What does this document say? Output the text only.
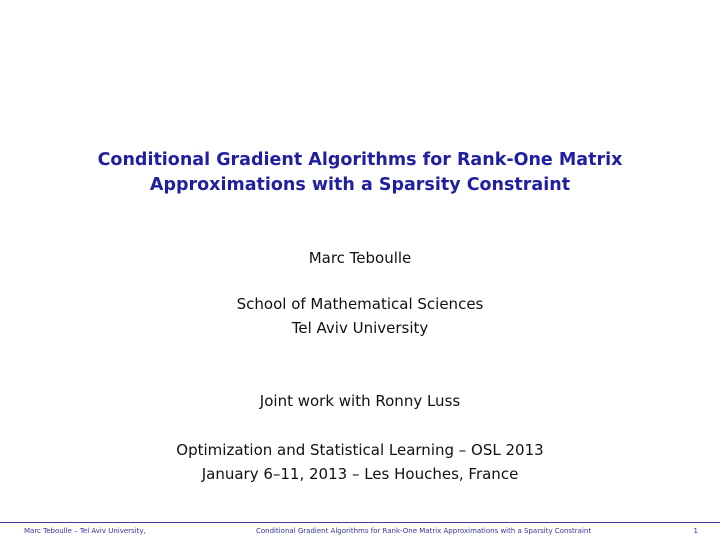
Conditional Gradient Algorithms for Rank-One Matrix
Approximations with a Sparsity Constraint
Marc Teboulle
School of Mathematical Sciences
Tel Aviv University
Joint work with Ronny Luss
Optimization and Statistical Learning – OSL 2013
January 6–11, 2013 – Les Houches, France
Marc Teboulle – Tel Aviv University,	Conditional Gradient Algorithms for Rank-One Matrix Approximations with a Sparsity Constraint	1
